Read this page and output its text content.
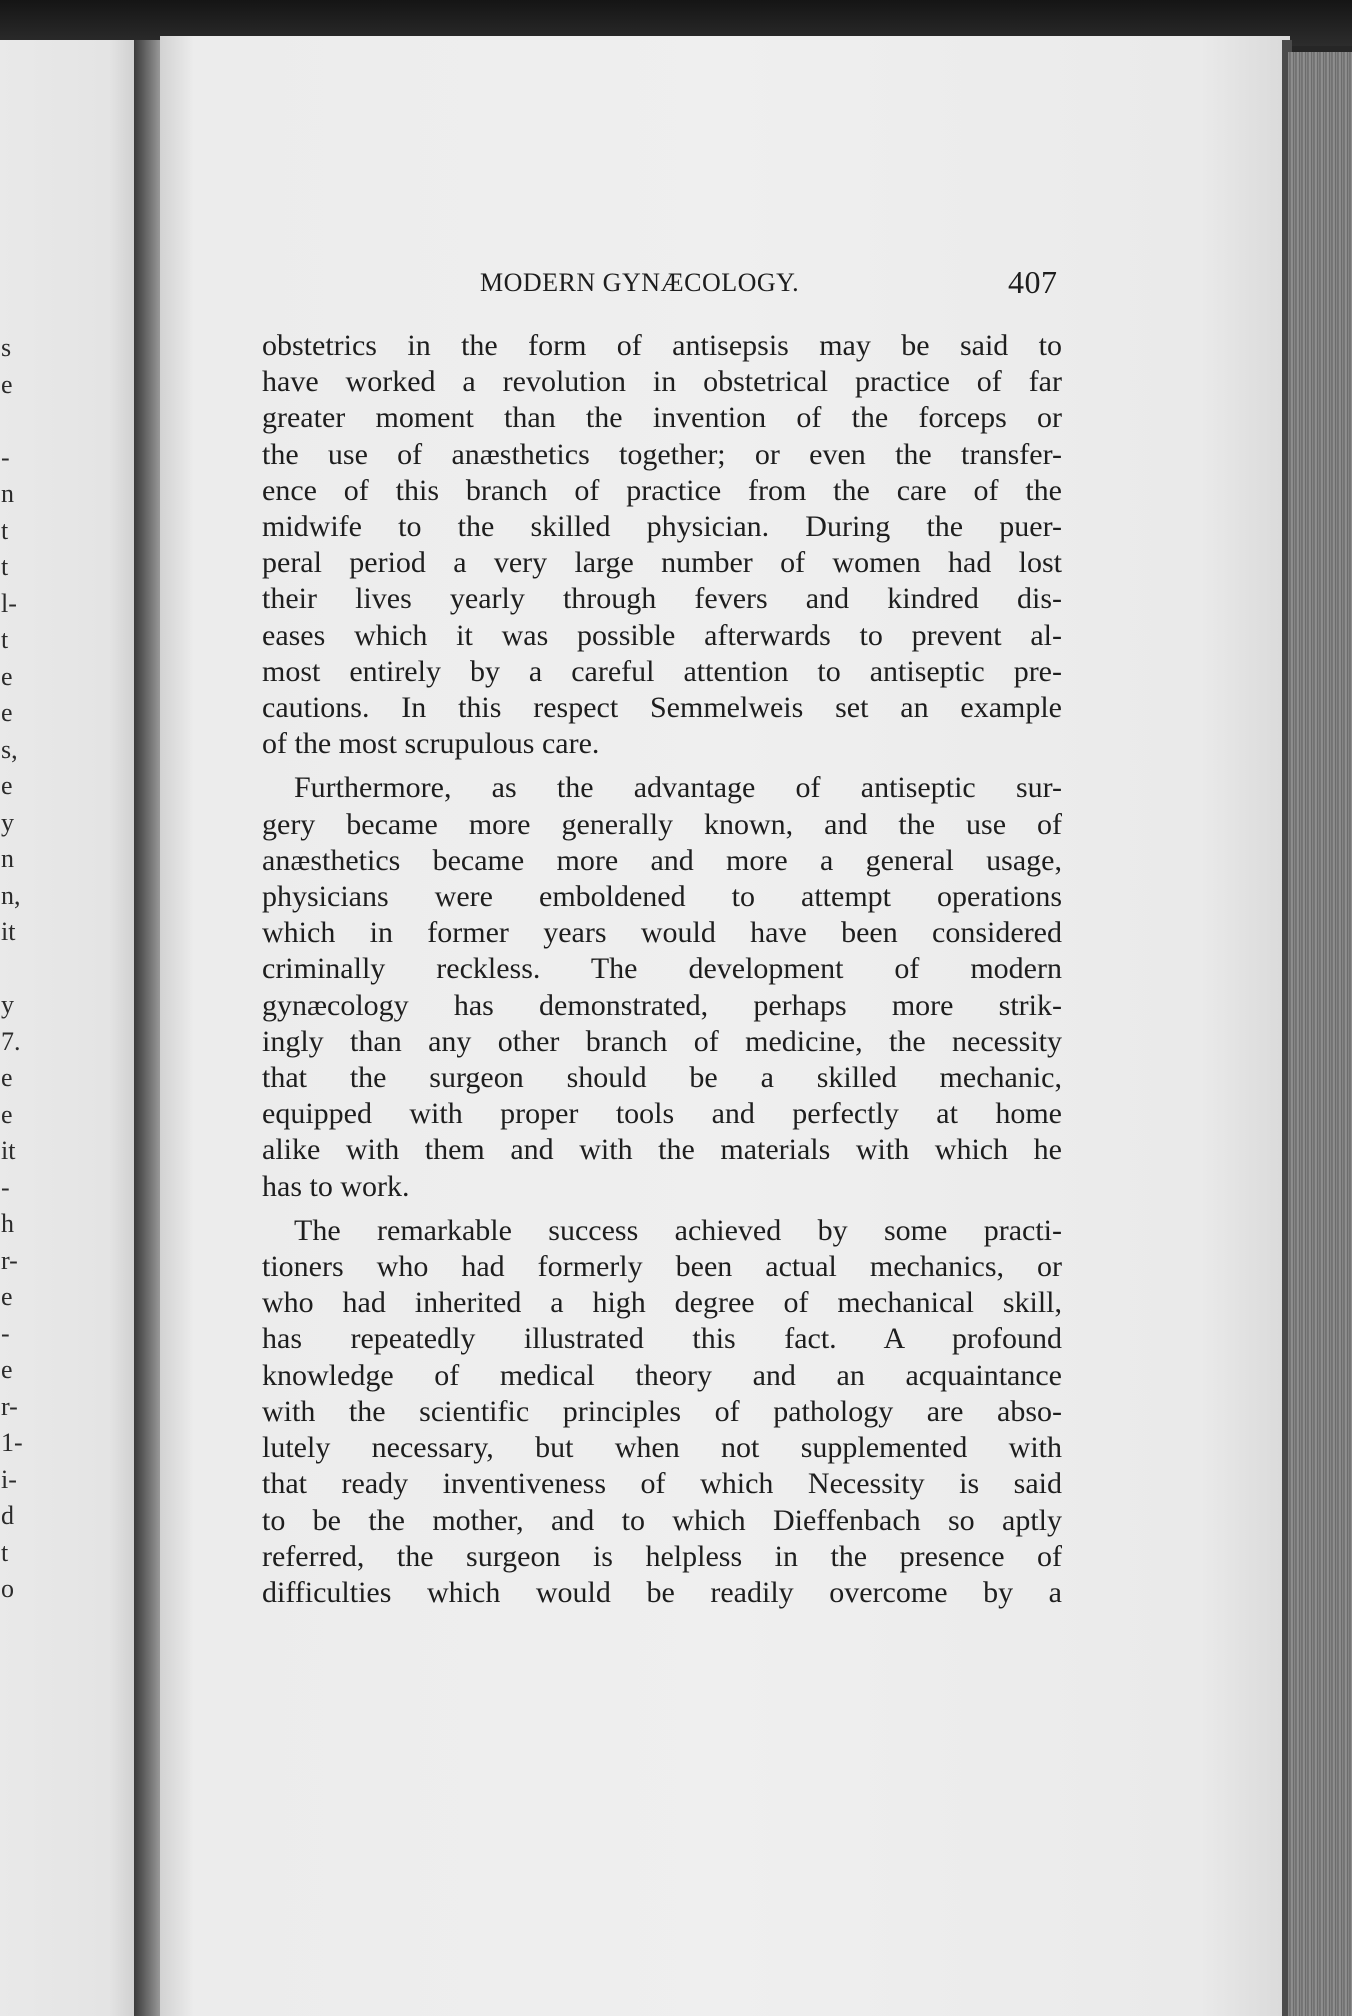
s
e
-
n
t
t
l-
t
e
e
s,
e
y
n
n,
it
y
7.
e
e
it
-
h
r-
e
-
e
r-
1-
i-
d
t
o
MODERN GYNÆCOLOGY.	407
obstetrics in the form of antisepsis may be said to
have worked a revolution in obstetrical practice of far
greater moment than the invention of the forceps or
the use of anæsthetics together; or even the transfer-
ence of this branch of practice from the care of the
midwife to the skilled physician. During the puer-
peral period a very large number of women had lost
their lives yearly through fevers and kindred dis-
eases which it was possible afterwards to prevent al-
most entirely by a careful attention to antiseptic pre-
cautions. In this respect Semmelweis set an example
of the most scrupulous care.
Furthermore, as the advantage of antiseptic sur-
gery became more generally known, and the use of
anæsthetics became more and more a general usage,
physicians were emboldened to attempt operations
which in former years would have been considered
criminally reckless. The development of modern
gynæcology has demonstrated, perhaps more strik-
ingly than any other branch of medicine, the necessity
that the surgeon should be a skilled mechanic,
equipped with proper tools and perfectly at home
alike with them and with the materials with which he
has to work.
The remarkable success achieved by some practi-
tioners who had formerly been actual mechanics, or
who had inherited a high degree of mechanical skill,
has repeatedly illustrated this fact. A profound
knowledge of medical theory and an acquaintance
with the scientific principles of pathology are abso-
lutely necessary, but when not supplemented with
that ready inventiveness of which Necessity is said
to be the mother, and to which Dieffenbach so aptly
referred, the surgeon is helpless in the presence of
difficulties which would be readily overcome by a
